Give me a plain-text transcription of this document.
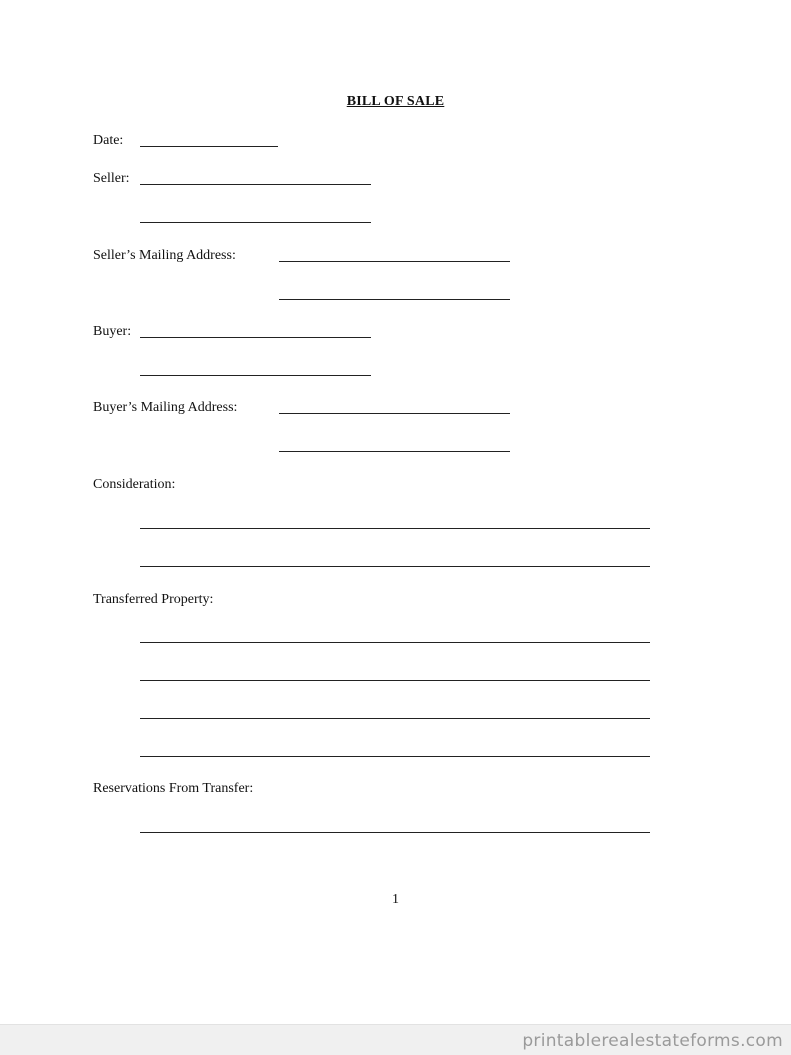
BILL OF SALE
Date:
Seller:
Seller’s Mailing Address:
Buyer:
Buyer’s Mailing Address:
Consideration:
Transferred Property:
Reservations From Transfer:
1
printablerealestateforms.com
